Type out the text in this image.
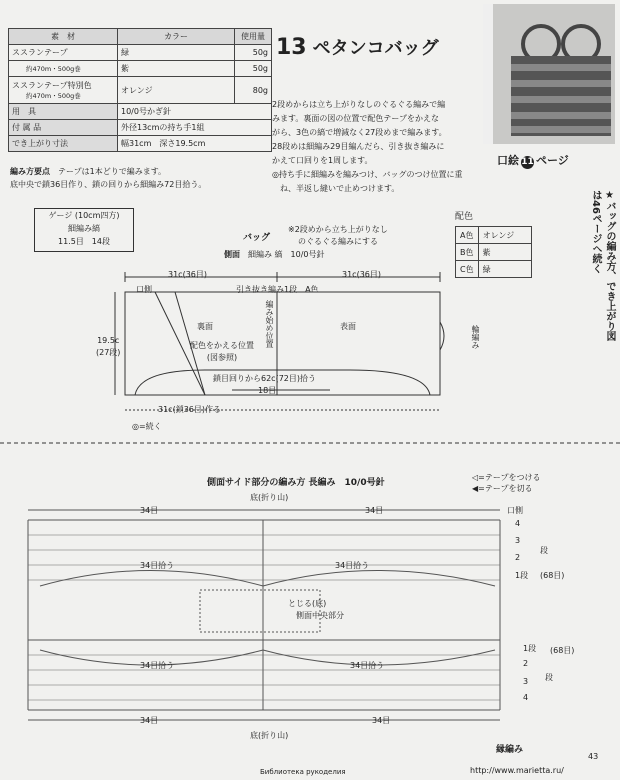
素　材	カラー	使用量
ススランテープ	緑	50g

約470m・500g巻	紫	50g
ススランテープ特別色
約470m・500g巻	オレンジ	80g
用　具	10/0号かぎ針	
付 属 品	外径13cmの持ち手1組	
でき上がり寸法	幅31cm　深さ19.5cm	
13 ペタンコバッグ
2段めからは立ち上がりなしのぐるぐる編みで編
みます。裏面の図の位置で配色テープをかえな
がら、3色の縞で増減なく27段めまで編みます。
28段めは細編み29目編んだら、引き抜き編みに
かえて口回りを1周します。
◎持ち手に細編みを編みつけ、バッグのつけ位置に重
ね、半返し縫いで止めつけます。
口絵 11 ページ
★バッグの編み方、でき上がり図
は46ページへ続く
編み方要点　 テープは1本どりで編みます。
底中央で鎖36目作り、鎖の回りから細編み72目拾う。
ゲージ (10cm四方)
細編み縞
11.5目　14段	バッグ
※2段めから立ち上がりなし
のぐるぐる編みにする
側面　 細編み 縞　10/0号針
31c(36目)	31c(36目)
口側	引き抜き編み1段　A色
裏面	表面
編み始め位置
配色をかえる位置
(図参照)
輪編み
19.5c
(27段)
鎖目回りから62c(72目)拾う
18目
31c(鎖36目)作る
◎=続く
配色
A色	オレンジ
B色	紫
C色	緑
側面サイド部分の編み方 長編み　10/0号針
◁=テープをつける
◀=テープを切る
底(折り山)
34目	34目	口側
34目拾う	34目拾う
4
3
2
1段
段
(68目)
とじる(底)
側面中央部分
1段
2
3
4
(68目)
段
34目拾う	34目拾う
34目	34目
底(折り山)
縁編み
43
Библиотека рукоделия	http://www.marietta.ru/
